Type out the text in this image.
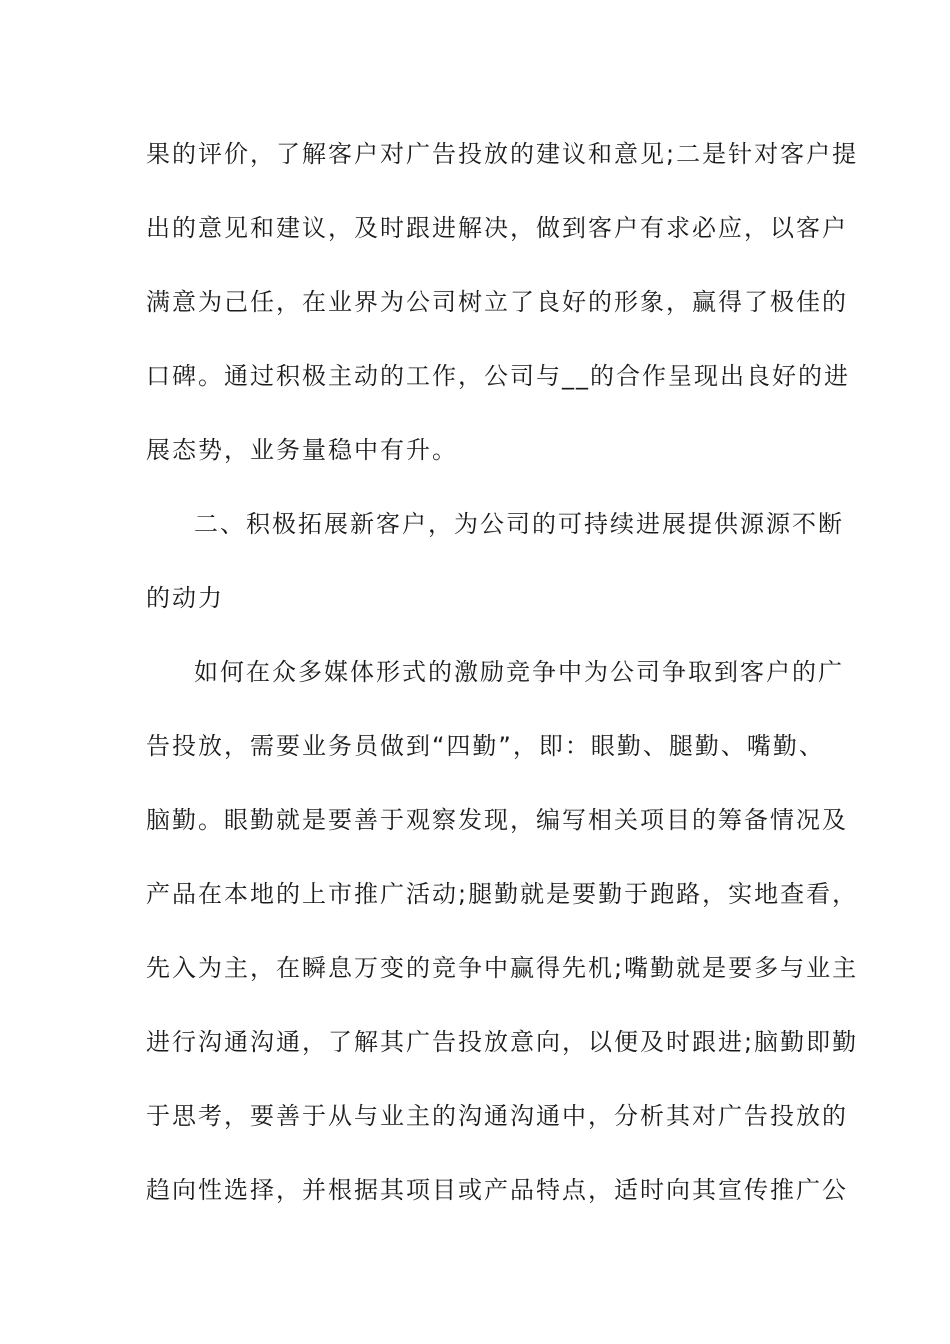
果的评价，了解客户对广告投放的建议和意见;二是针对客户提
出的意见和建议，及时跟进解决，做到客户有求必应，以客户
满意为己任，在业界为公司树立了良好的形象，赢得了极佳的
口碑。通过积极主动的工作，公司与__的合作呈现出良好的进
展态势，业务量稳中有升。
二、积极拓展新客户，为公司的可持续进展提供源源不断
的动力
如何在众多媒体形式的激励竞争中为公司争取到客户的广
告投放，需要业务员做到“四勤”，即：眼勤、腿勤、嘴勤、
脑勤。眼勤就是要善于观察发现，编写相关项目的筹备情况及
产品在本地的上市推广活动;腿勤就是要勤于跑路，实地查看，
先入为主，在瞬息万变的竞争中赢得先机;嘴勤就是要多与业主
进行沟通沟通，了解其广告投放意向，以便及时跟进;脑勤即勤
于思考，要善于从与业主的沟通沟通中，分析其对广告投放的
趋向性选择，并根据其项目或产品特点，适时向其宣传推广公
